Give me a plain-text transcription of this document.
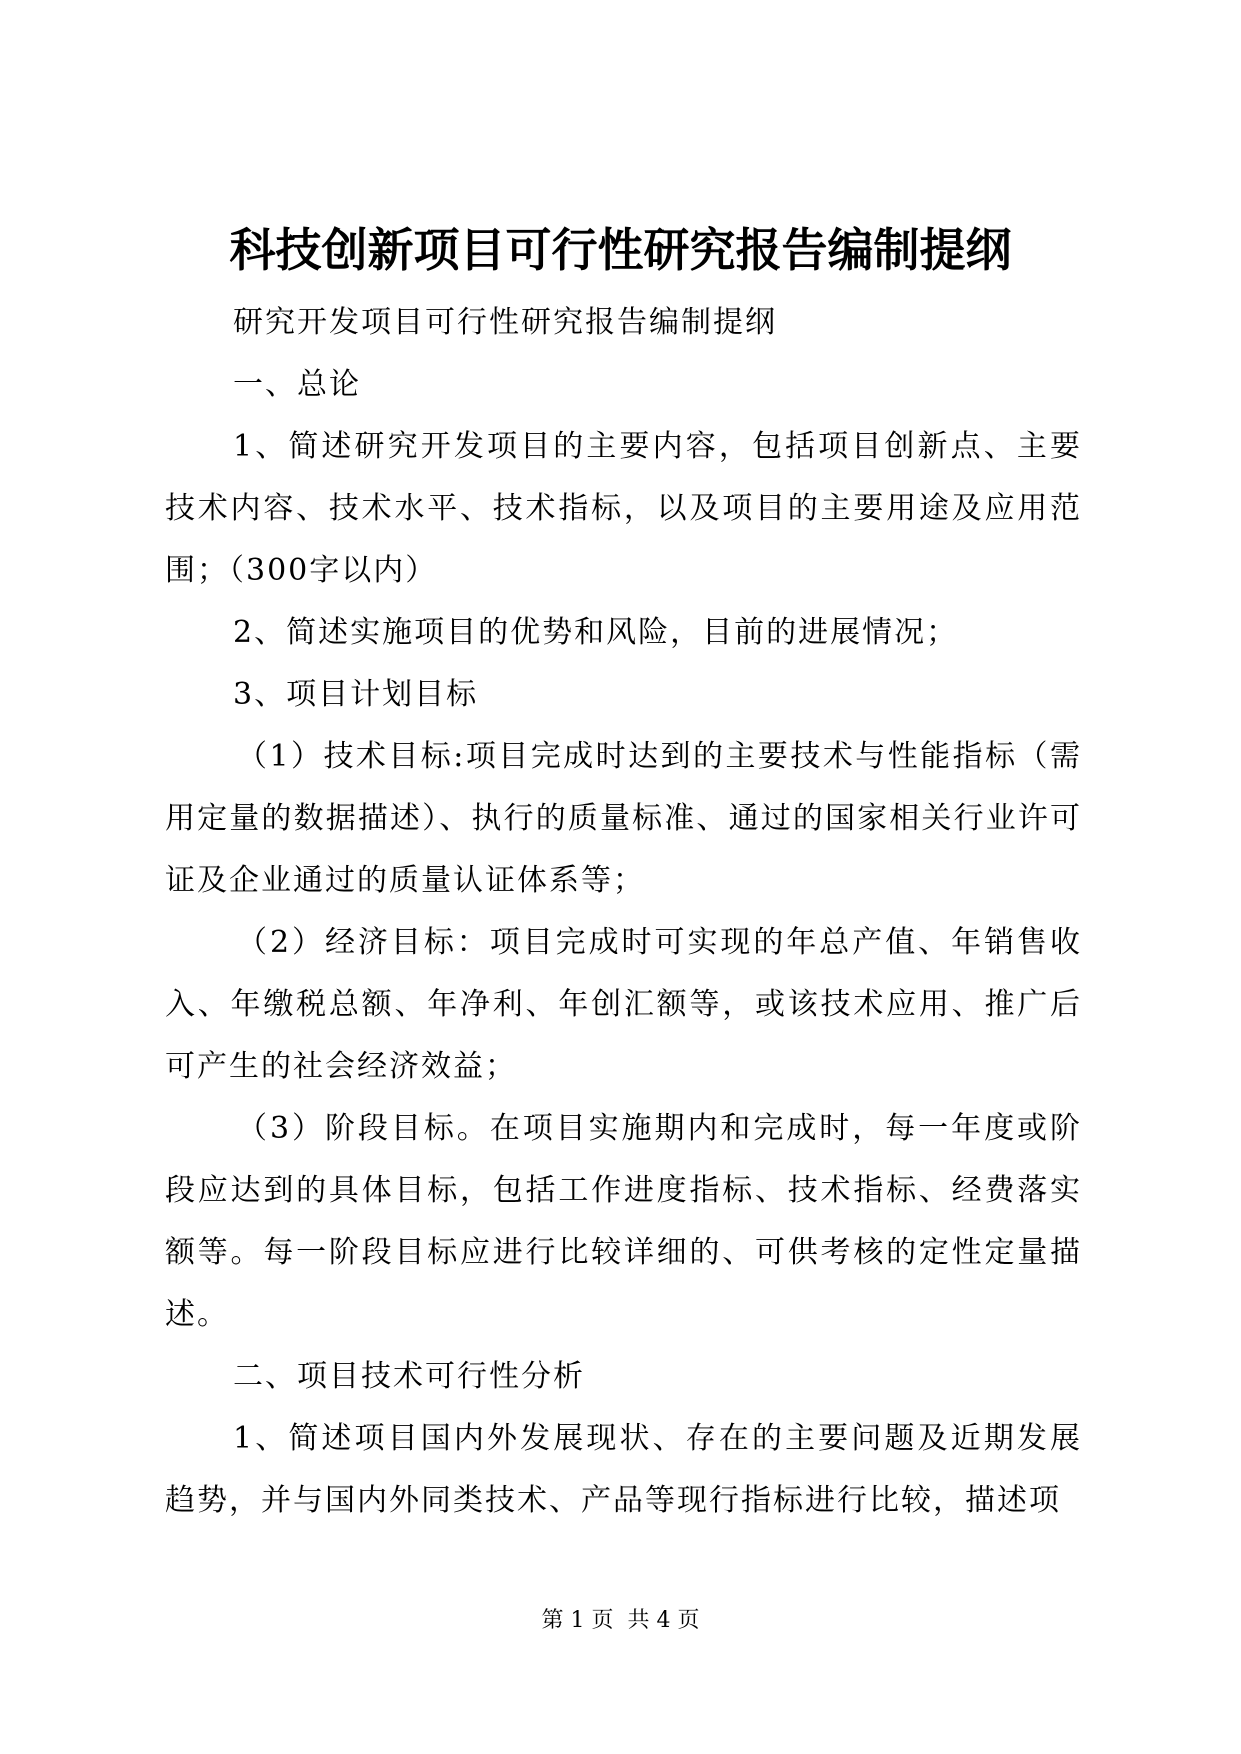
科技创新项目可行性研究报告编制提纲

研究开发项目可行性研究报告编制提纲

一、总论

1、简述研究开发项目的主要内容，包括项目创新点、主要技术内容、技术水平、技术指标，以及项目的主要用途及应用范围；（300字以内）

2、简述实施项目的优势和风险，目前的进展情况；

3、项目计划目标

（1）技术目标:项目完成时达到的主要技术与性能指标（需用定量的数据描述）、执行的质量标准、通过的国家相关行业许可证及企业通过的质量认证体系等；

（2）经济目标：项目完成时可实现的年总产值、年销售收入、年缴税总额、年净利、年创汇额等，或该技术应用、推广后可产生的社会经济效益；

（3）阶段目标。在项目实施期内和完成时，每一年度或阶段应达到的具体目标，包括工作进度指标、技术指标、经费落实额等。每一阶段目标应进行比较详细的、可供考核的定性定量描述。

二、项目技术可行性分析

1、简述项目国内外发展现状、存在的主要问题及近期发展趋势，并与国内外同类技术、产品等现行指标进行比较，描述项

第 1 页  共 4 页
